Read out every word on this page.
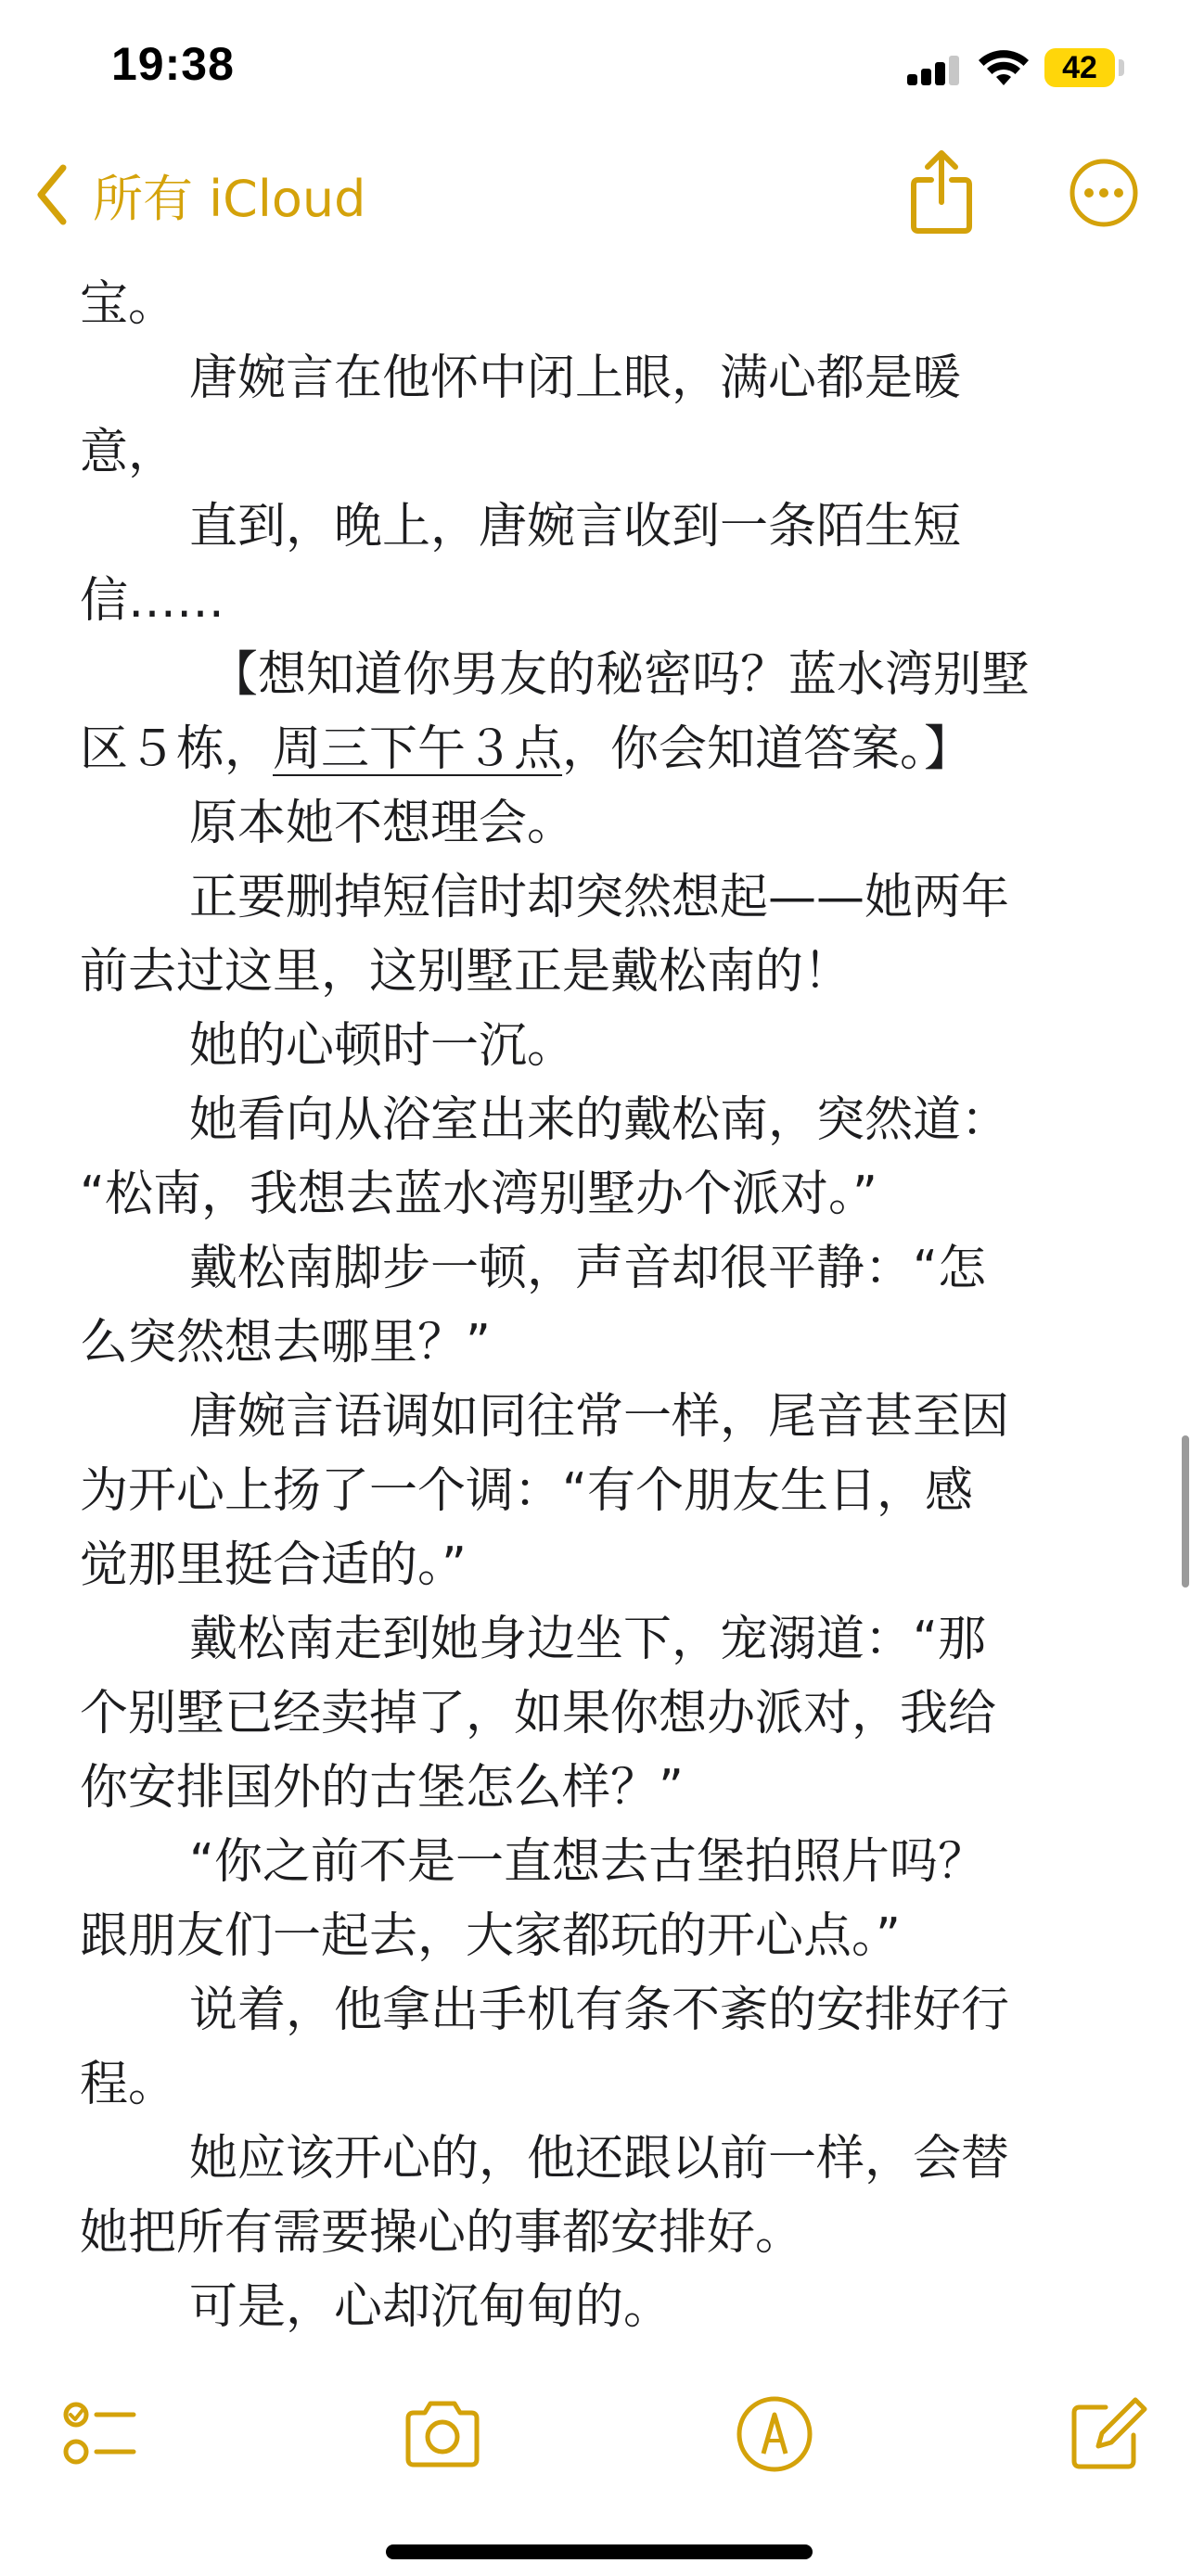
19:38	42
所有 iCloud
宝。
唐婉言在他怀中闭上眼，满心都是暖
意，
直到，晚上，唐婉言收到一条陌生短
信……
【想知道你男友的秘密吗？蓝水湾别墅
区５栋，周三下午３点，你会知道答案。】
原本她不想理会。
正要删掉短信时却突然想起——她两年
前去过这里，这别墅正是戴松南的！
她的心顿时一沉。
她看向从浴室出来的戴松南，突然道：
“松南，我想去蓝水湾别墅办个派对。”
戴松南脚步一顿，声音却很平静：“怎
么突然想去哪里？”
唐婉言语调如同往常一样，尾音甚至因
为开心上扬了一个调：“有个朋友生日，感
觉那里挺合适的。”
戴松南走到她身边坐下，宠溺道：“那
个别墅已经卖掉了，如果你想办派对，我给
你安排国外的古堡怎么样？”
“你之前不是一直想去古堡拍照片吗？
跟朋友们一起去，大家都玩的开心点。”
说着，他拿出手机有条不紊的安排好行
程。
她应该开心的，他还跟以前一样，会替
她把所有需要操心的事都安排好。
可是，心却沉甸甸的。
